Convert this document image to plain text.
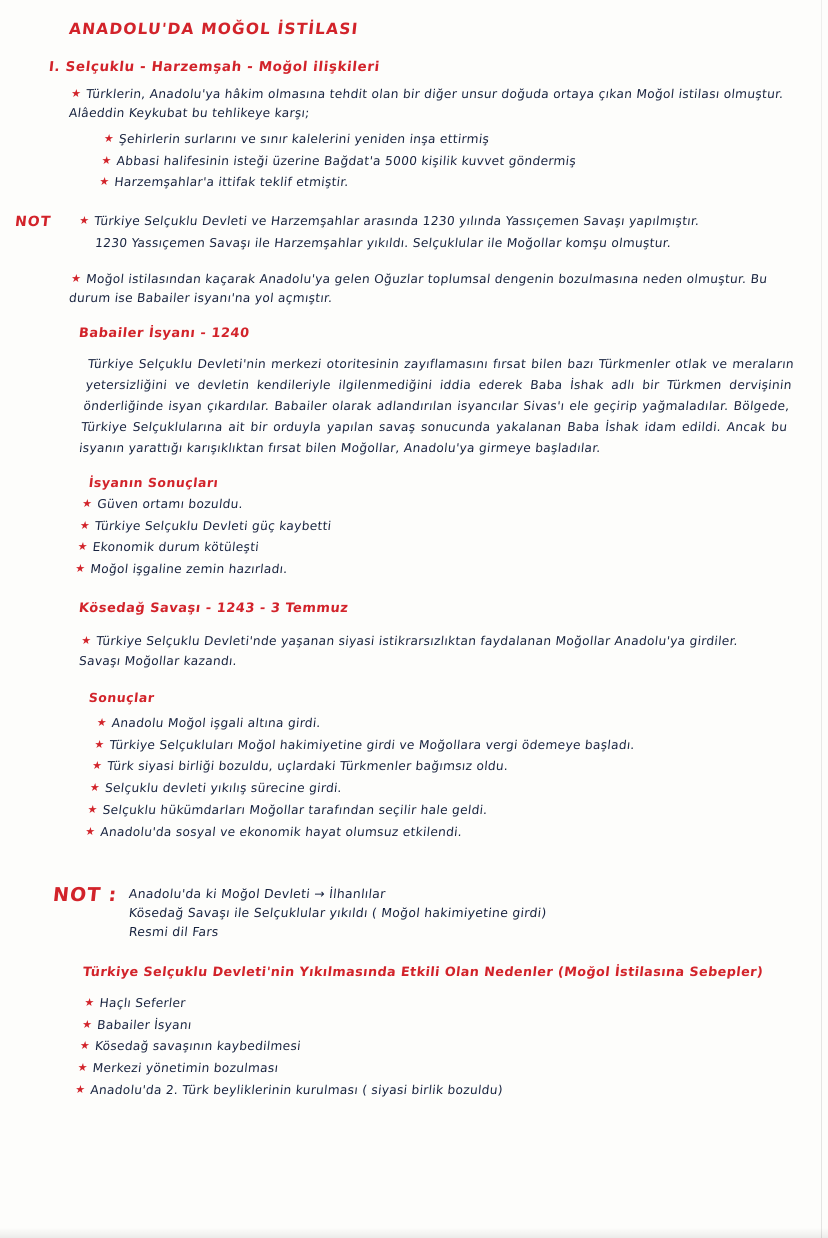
ANADOLU'DA MOĞOL İSTİLASI
I. Selçuklu - Harzemşah - Moğol ilişkileri

★ Türklerin, Anadolu'ya hâkim olmasına tehdit olan bir diğer unsur doğuda ortaya çıkan Moğol istilası olmuştur. Alâeddin Keykubat bu tehlikeye karşı;

★ Şehirlerin surlarını ve sınır kalelerini yeniden inşa ettirmiş
★ Abbasi halifesinin isteği üzerine Bağdat'a 5000 kişilik kuvvet göndermiş
★ Harzemşahlar'a ittifak teklif etmiştir.
NOT	★ Türkiye Selçuklu Devleti ve Harzemşahlar arasında 1230 yılında Yassıçemen Savaşı yapılmıştır.

1230 Yassıçemen Savaşı ile Harzemşahlar yıkıldı. Selçuklular ile Moğollar komşu olmuştur.

★ Moğol istilasından kaçarak Anadolu'ya gelen Oğuzlar toplumsal dengenin bozulmasına neden olmuştur. Bu durum ise Babailer isyanı'na yol açmıştır.

Babailer İsyanı - 1240

Türkiye Selçuklu Devleti'nin merkezi otoritesinin zayıflamasını fırsat bilen bazı Türkmenler otlak ve meraların yetersizliğini ve devletin kendileriyle ilgilenmediğini iddia ederek Baba İshak adlı bir Türkmen dervişinin önderliğinde isyan çıkardılar. Babailer olarak adlandırılan isyancılar Sivas'ı ele geçirip yağmaladılar. Bölgede, Türkiye Selçuklularına ait bir orduyla yapılan savaş sonucunda yakalanan Baba İshak idam edildi. Ancak bu isyanın yarattığı karışıklıktan fırsat bilen Moğollar, Anadolu'ya girmeye başladılar.

İsyanın Sonuçları
★ Güven ortamı bozuldu.
★ Türkiye Selçuklu Devleti güç kaybetti
★ Ekonomik durum kötüleşti
★ Moğol işgaline zemin hazırladı.
Kösedağ Savaşı - 1243 - 3 Temmuz

★ Türkiye Selçuklu Devleti'nde yaşanan siyasi istikrarsızlıktan faydalanan Moğollar Anadolu'ya girdiler. Savaşı Moğollar kazandı.

Sonuçlar
★ Anadolu Moğol işgali altına girdi.
★ Türkiye Selçukluları Moğol hakimiyetine girdi ve Moğollara vergi ödemeye başladı.
★ Türk siyasi birliği bozuldu, uçlardaki Türkmenler bağımsız oldu.
★ Selçuklu devleti yıkılış sürecine girdi.
★ Selçuklu hükümdarları Moğollar tarafından seçilir hale geldi.
★ Anadolu'da sosyal ve ekonomik hayat olumsuz etkilendi.
NOT : Anadolu'da ki Moğol Devleti → İlhanlılar
Kösedağ Savaşı ile Selçuklular yıkıldı ( Moğol hakimiyetine girdi)
Resmi dil Fars
Türkiye Selçuklu Devleti'nin Yıkılmasında Etkili Olan Nedenler (Moğol İstilasına Sebepler)
★ Haçlı Seferler
★ Babailer İsyanı
★ Kösedağ savaşının kaybedilmesi
★ Merkezi yönetimin bozulması
★ Anadolu'da 2. Türk beyliklerinin kurulması ( siyasi birlik bozuldu)
